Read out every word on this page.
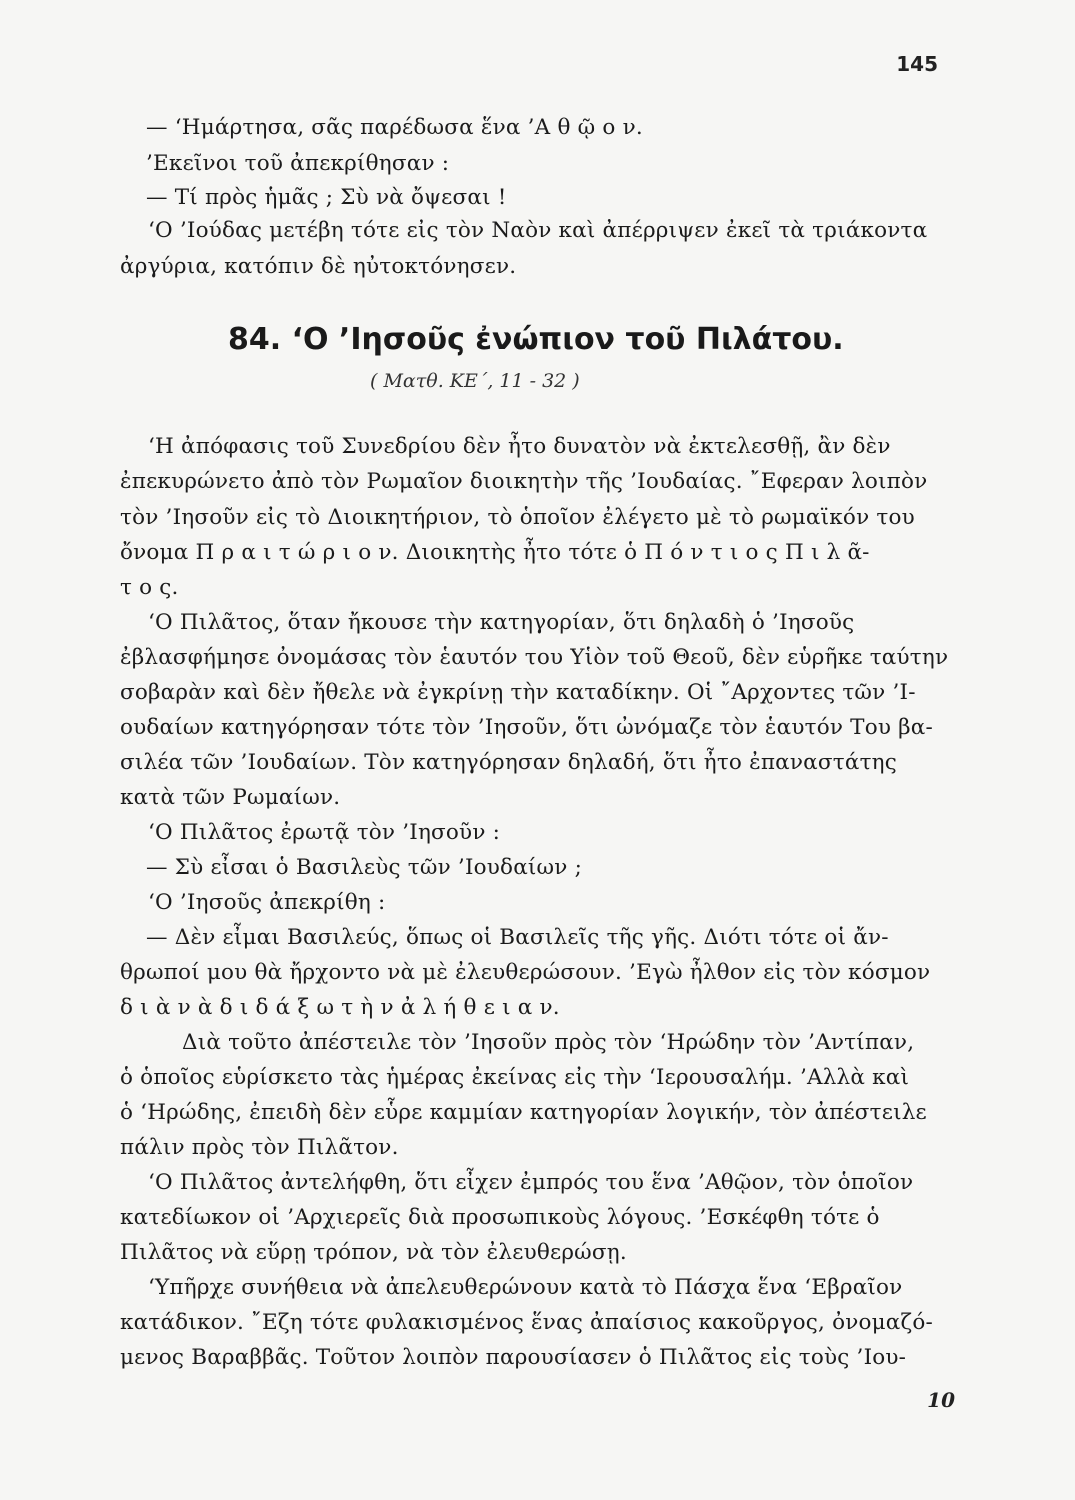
145
— ‘Ημάρτησα, σᾶς παρέδωσα ἕνα ’Α θ ῷ ο ν.
’Εκεῖνοι τοῦ ἀπεκρίθησαν :
— Τί πρὸς ἡμᾶς ; Σὺ νὰ ὄψεσαι !
‘Ο ’Ιούδας μετέβη τότε εἰς τὸν Ναὸν καὶ ἀπέρριψεν ἐκεῖ τὰ τριάκοντα
ἀργύρια, κατόπιν δὲ ηὐτοκτόνησεν.
84. ‘Ο ’Ιησοῦς ἐνώπιον τοῦ Πιλάτου.
( Ματθ. ΚΕ΄, 11 - 32 )
‘Η ἀπόφασις τοῦ Συνεδρίου δὲν ἦτο δυνατὸν νὰ ἐκτελεσθῇ, ἂν δὲν
ἐπεκυρώνετο ἀπὸ τὸν Ρωμαῖον διοικητὴν τῆς ’Ιουδαίας. ῎Εφεραν λοιπὸν
τὸν ’Ιησοῦν εἰς τὸ Διοικητήριον, τὸ ὁποῖον ἐλέγετο μὲ τὸ ρωμαϊκόν του
ὄνομα Π ρ α ι τ ώ ρ ι ο ν. Διοικητὴς ἦτο τότε ὁ Π ό ν τ ι ο ς Π ι λ ᾶ-
τ ο ς.
‘Ο Πιλᾶτος, ὅταν ἤκουσε τὴν κατηγορίαν, ὅτι δηλαδὴ ὁ ’Ιησοῦς
ἐβλασφήμησε ὀνομάσας τὸν ἑαυτόν του Υἱὸν τοῦ Θεοῦ, δὲν εὑρῆκε ταύτην
σοβαρὰν καὶ δὲν ἤθελε νὰ ἐγκρίνῃ τὴν καταδίκην. Οἱ ῎Αρχοντες τῶν ’Ι-
ουδαίων κατηγόρησαν τότε τὸν ’Ιησοῦν, ὅτι ὠνόμαζε τὸν ἑαυτόν Του βα-
σιλέα τῶν ’Ιουδαίων. Τὸν κατηγόρησαν δηλαδή, ὅτι ἦτο ἐπαναστάτης
κατὰ τῶν Ρωμαίων.
‘Ο Πιλᾶτος ἐρωτᾷ τὸν ’Ιησοῦν :
— Σὺ εἶσαι ὁ Βασιλεὺς τῶν ’Ιουδαίων ;
‘Ο ’Ιησοῦς ἀπεκρίθη :
— Δὲν εἶμαι Βασιλεύς, ὅπως οἱ Βασιλεῖς τῆς γῆς. Διότι τότε οἱ ἄν-
θρωποί μου θὰ ἤρχοντο νὰ μὲ ἐλευθερώσουν. ’Εγὼ ἦλθον εἰς τὸν κόσμον
δ ι ὰ ν ὰ δ ι δ ά ξ ω τ ὴ ν ἀ λ ή θ ε ι α ν.
Διὰ τοῦτο ἀπέστειλε τὸν ’Ιησοῦν πρὸς τὸν ‘Ηρώδην τὸν ’Αντίπαν,
ὁ ὁποῖος εὑρίσκετο τὰς ἡμέρας ἐκείνας εἰς τὴν ‘Ιερουσαλήμ. ’Αλλὰ καὶ
ὁ ‘Ηρώδης, ἐπειδὴ δὲν εὗρε καμμίαν κατηγορίαν λογικήν, τὸν ἀπέστειλε
πάλιν πρὸς τὸν Πιλᾶτον.
‘Ο Πιλᾶτος ἀντελήφθη, ὅτι εἶχεν ἐμπρός του ἕνα ’Αθῷον, τὸν ὁποῖον
κατεδίωκον οἱ ’Αρχιερεῖς διὰ προσωπικοὺς λόγους. ’Εσκέφθη τότε ὁ
Πιλᾶτος νὰ εὕρῃ τρόπον, νὰ τὸν ἐλευθερώσῃ.
‘Υπῆρχε συνήθεια νὰ ἀπελευθερώνουν κατὰ τὸ Πάσχα ἕνα ‘Εβραῖον
κατάδικον. ῎Εζη τότε φυλακισμένος ἕνας ἀπαίσιος κακοῦργος, ὀνομαζό-
μενος Βαραββᾶς. Τοῦτον λοιπὸν παρουσίασεν ὁ Πιλᾶτος εἰς τοὺς ’Ιου-
10
